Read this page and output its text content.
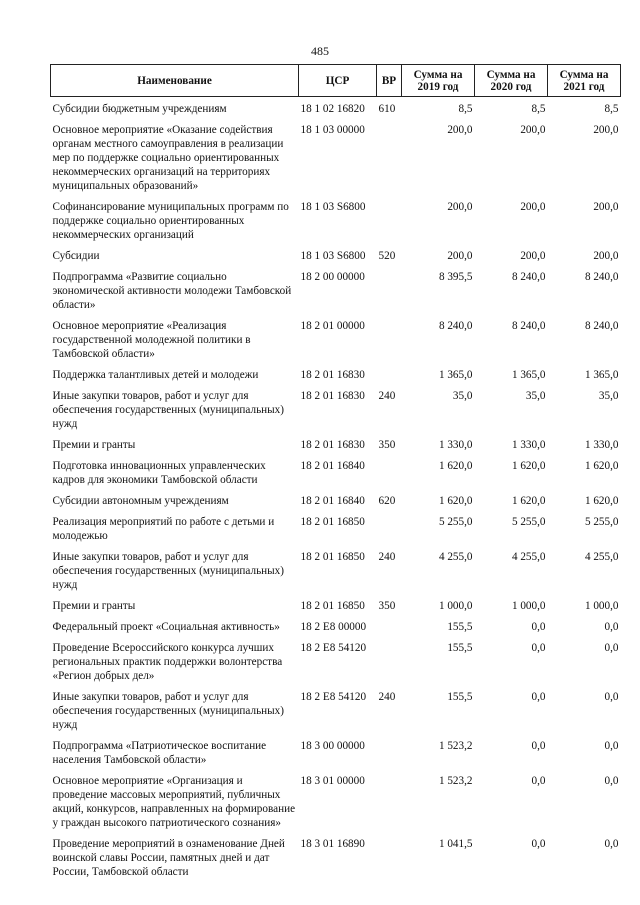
485
Наименование	ЦСР	ВР	Сумма на 2019 год	Сумма на 2020 год	Сумма на 2021 год
Субсидии бюджетным учреждениям	18 1 02 16820	610	8,5	8,5	8,5
Основное мероприятие «Оказание содействия органам местного самоуправления в реализации мер по поддержке социально ориентированных некоммерческих организаций на территориях муниципальных образований»	18 1 03 00000		200,0	200,0	200,0
Софинансирование муниципальных программ по поддержке социально ориентированных некоммерческих организаций	18 1 03 S6800		200,0	200,0	200,0
Субсидии	18 1 03 S6800	520	200,0	200,0	200,0
Подпрограмма «Развитие социально экономической активности молодежи Тамбовской области»	18 2 00 00000		8 395,5	8 240,0	8 240,0
Основное мероприятие «Реализация государственной молодежной политики в Тамбовской области»	18 2 01 00000		8 240,0	8 240,0	8 240,0
Поддержка талантливых детей и молодежи	18 2 01 16830		1 365,0	1 365,0	1 365,0
Иные закупки товаров, работ и услуг для обеспечения государственных (муниципальных) нужд	18 2 01 16830	240	35,0	35,0	35,0
Премии и гранты	18 2 01 16830	350	1 330,0	1 330,0	1 330,0
Подготовка инновационных управленческих кадров для экономики Тамбовской области	18 2 01 16840		1 620,0	1 620,0	1 620,0
Субсидии автономным учреждениям	18 2 01 16840	620	1 620,0	1 620,0	1 620,0
Реализация мероприятий по работе с детьми и молодежью	18 2 01 16850		5 255,0	5 255,0	5 255,0
Иные закупки товаров, работ и услуг для обеспечения государственных (муниципальных) нужд	18 2 01 16850	240	4 255,0	4 255,0	4 255,0
Премии и гранты	18 2 01 16850	350	1 000,0	1 000,0	1 000,0
Федеральный проект «Социальная активность»	18 2 E8 00000		155,5	0,0	0,0
Проведение Всероссийского конкурса лучших региональных практик поддержки волонтерства «Регион добрых дел»	18 2 E8 54120		155,5	0,0	0,0
Иные закупки товаров, работ и услуг для обеспечения государственных (муниципальных) нужд	18 2 E8 54120	240	155,5	0,0	0,0
Подпрограмма «Патриотическое воспитание населения Тамбовской области»	18 3 00 00000		1 523,2	0,0	0,0
Основное мероприятие «Организация и проведение массовых мероприятий, публичных акций, конкурсов, направленных на формирование у граждан высокого патриотического сознания»	18 3 01 00000		1 523,2	0,0	0,0
Проведение мероприятий в ознаменование Дней воинской славы России, памятных дней и дат России, Тамбовской области	18 3 01 16890		1 041,5	0,0	0,0
